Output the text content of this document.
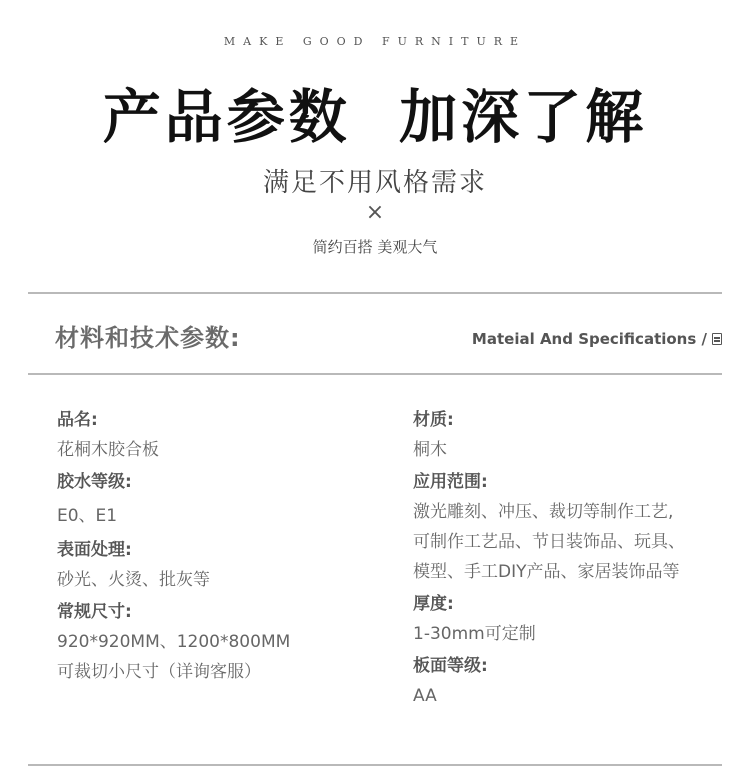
MAKE GOOD FURNITURE
产品参数  加深了解
满足不用风格需求
×
简约百搭 美观大气
材料和技术参数:	Mateial And Specifications /
品名:
花桐木胶合板
胶水等级:
E0、E1
表面处理:
砂光、火烫、批灰等
常规尺寸:
920*920MM、1200*800MM
可裁切小尺寸（详询客服）
材质:
桐木
应用范围:
激光雕刻、冲压、裁切等制作工艺,
可制作工艺品、节日装饰品、玩具、
模型、手工DIY产品、家居装饰品等
厚度:
1-30mm可定制
板面等级:
AA
